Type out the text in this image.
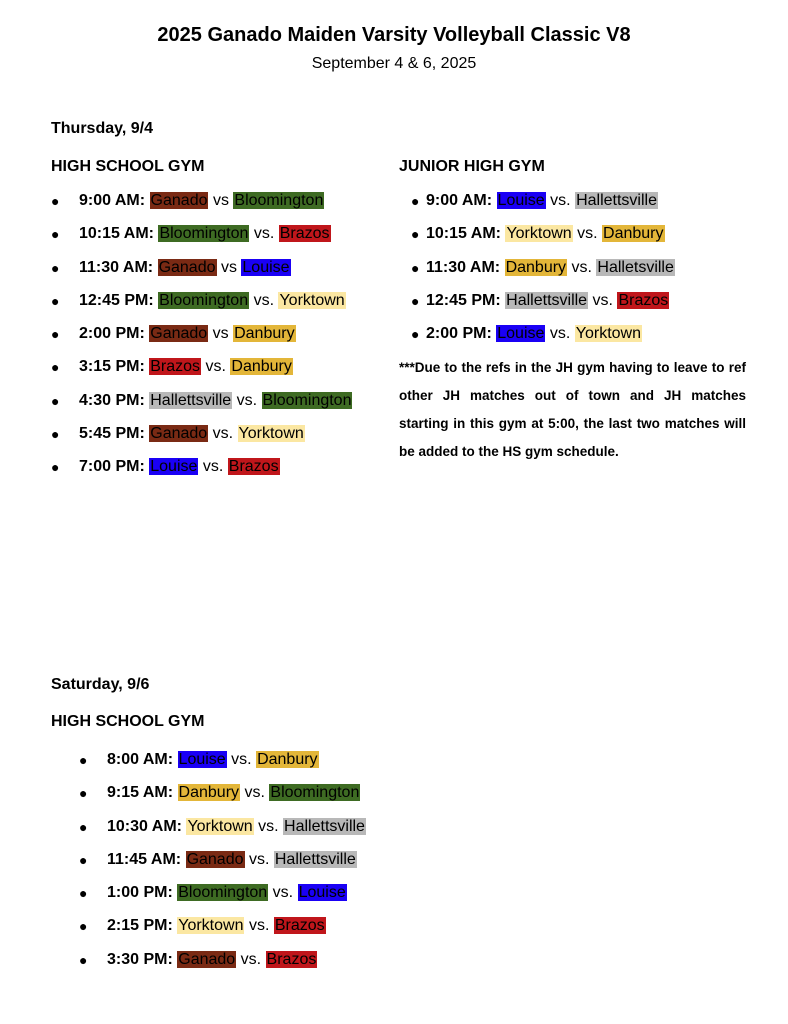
2025 Ganado Maiden Varsity Volleyball Classic V8
September 4 & 6, 2025
Thursday, 9/4
HIGH SCHOOL GYM	JUNIOR HIGH GYM
● 9:00 AM: Ganado vs Bloomington
● 10:15 AM: Bloomington vs. Brazos
● 11:30 AM: Ganado vs Louise
● 12:45 PM: Bloomington vs. Yorktown
● 2:00 PM: Ganado vs Danbury
● 3:15 PM: Brazos vs. Danbury
● 4:30 PM: Hallettsville vs. Bloomington
● 5:45 PM: Ganado vs. Yorktown
● 7:00 PM: Louise vs. Brazos
● 9:00 AM: Louise vs. Hallettsville
● 10:15 AM: Yorktown vs. Danbury
● 11:30 AM: Danbury vs. Halletsville
● 12:45 PM: Hallettsville vs. Brazos
● 2:00 PM: Louise vs. Yorktown
***Due to the refs in the JH gym having to leave to ref other JH matches out of town and JH matches starting in this gym at 5:00, the last two matches will be added to the HS gym schedule.
Saturday, 9/6
HIGH SCHOOL GYM
● 8:00 AM: Louise vs. Danbury
● 9:15 AM: Danbury vs. Bloomington
● 10:30 AM: Yorktown vs. Hallettsville
● 11:45 AM: Ganado vs. Hallettsville
● 1:00 PM: Bloomington vs. Louise
● 2:15 PM: Yorktown vs. Brazos
● 3:30 PM: Ganado vs. Brazos
